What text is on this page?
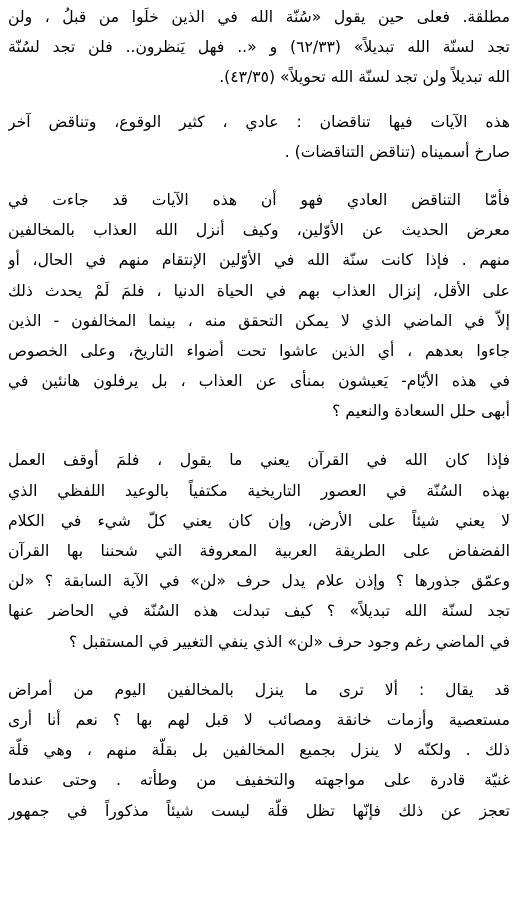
مطلقة. فعلى حين يقول «سُنّة الله في الذين خلَوا من قبلُ ، ولن
تجد لسنّة الله تبديلاً» (٦٢/٣٣) و «.. فهل يَنظرون.. فلن تجد لسُنّة
الله تبديلاً ولن تجد لسنّة الله تحويلاً» (٤٣/٣٥).

هذه الآيات فيها تناقضان : عادي ، كثير الوقوع، وتناقض آخر
صارخ أسميناه (تناقض التناقضات) .

فأمّا التناقض العادي فهو أن هذه الآيات قد جاءت في
معرض الحديث عن الأوّلين، وكيف أنزل الله العذاب بالمخالفين
منهم . فإذا كانت سنّة الله في الأوّلين الإنتقام منهم في الحال، أو
على الأقل، إنزال العذاب بهم في الحياة الدنيا ، فلمَ لَمْ يحدث ذلك
إلاّ في الماضي الذي لا يمكن التحقق منه ، بينما المخالفون - الذين
جاءوا بعدهم ، أي الذين عاشوا تحت أضواء التاريخ، وعلى الخصوص
في هذه الأيّام- يَعيشون بمنأى عن العذاب ، بل يرفلون هانئين في
أبهى حلل السعادة والنعيم ؟

فإذا كان الله في القرآن يعني ما يقول ، فلمَ أوقف العمل
بهذه السُنّة في العصور التاريخية مكتفياً بالوعيد اللفظي الذي
لا يعني شيئاً على الأرض، وإن كان يعني كلّ شيء في الكلام
الفضفاض على الطريقة العربية المعروفة التي شحننا بها القرآن
وعمّق جذورها ؟ وإذن علام يدل حرف «لن» في الآية السابقة ؟ «لن
تجد لسنّة الله تبديلاً» ؟ كيف تبدلت هذه السُنّة في الحاضر عنها
في الماضي رغم وجود حرف «لن» الذي ينفي التغيير في المستقبل ؟

قد يقال : ألا ترى ما ينزل بالمخالفين اليوم من أمراض
مستعصية وأزمات خانقة ومصائب لا قبل لهم بها ؟ نعم أنا أرى
ذلك . ولكنّه لا ينزل بجميع المخالفين بل بقلّة منهم ، وهي قلّة
غنيّة قادرة على مواجهته والتخفيف من وطأته . وحتى عندما
تعجز عن ذلك فإنّها تظل قلّة ليست شيئاً مذكوراً في جمهور
